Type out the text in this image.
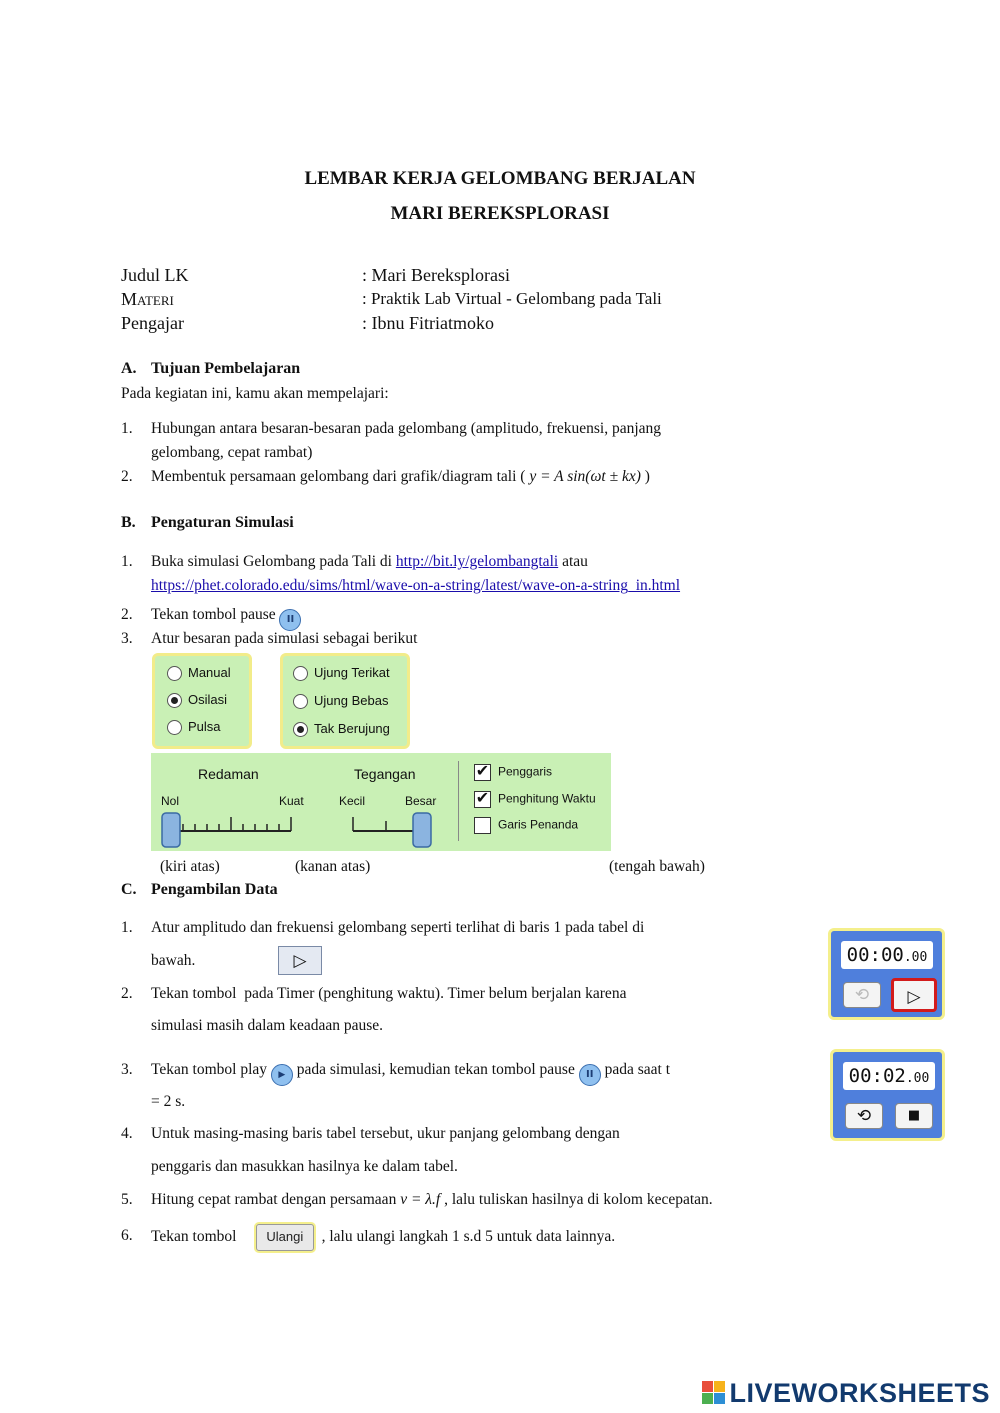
LEMBAR KERJA GELOMBANG BERJALAN
MARI BEREKSPLORASI
Judul LK	: Mari Bereksplorasi
Materi	: Praktik Lab Virtual - Gelombang pada Tali
Pengajar	: Ibnu Fitriatmoko
A. Tujuan Pembelajaran
Pada kegiatan ini, kamu akan mempelajari:
1. Hubungan antara besaran-besaran pada gelombang (amplitudo, frekuensi, panjang
gelombang, cepat rambat)
2. Membentuk persamaan gelombang dari grafik/diagram tali ( y = A sin(ωt ± kx) )
B. Pengaturan Simulasi
1. Buka simulasi Gelombang pada Tali di http://bit.ly/gelombangtali atau
https://phet.colorado.edu/sims/html/wave-on-a-string/latest/wave-on-a-string_in.html
2. Tekan tombol pause II
3. Atur besaran pada simulasi sebagai berikut
Manual
Osilasi
Pulsa
Ujung Terikat
Ujung Bebas
Tak Berujung
Redaman
Nol	Kuat
Tegangan
Kecil	Besar
✔ Penggaris
✔ Penghitung Waktu
Garis Penanda
(kiri atas)	(kanan atas)	(tengah bawah)
C. Pengambilan Data
1. Atur amplitudo dan frekuensi gelombang seperti terlihat di baris 1 pada tabel di
bawah.	▷
2. Tekan tombol  pada Timer (penghitung waktu). Timer belum berjalan karena
simulasi masih dalam keadaan pause.
3. Tekan tombol play ▶ pada simulasi, kemudian tekan tombol pause II pada saat t
= 2 s.
4. Untuk masing-masing baris tabel tersebut, ukur panjang gelombang dengan
penggaris dan masukkan hasilnya ke dalam tabel.
5. Hitung cepat rambat dengan persamaan v = λ.f , lalu tuliskan hasilnya di kolom kecepatan.
6. Tekan tombol Ulangi , lalu ulangi langkah 1 s.d 5 untuk data lainnya.
00:00.00
⟲	▷
00:02.00
⟲	■
LIVEWORKSHEETS
